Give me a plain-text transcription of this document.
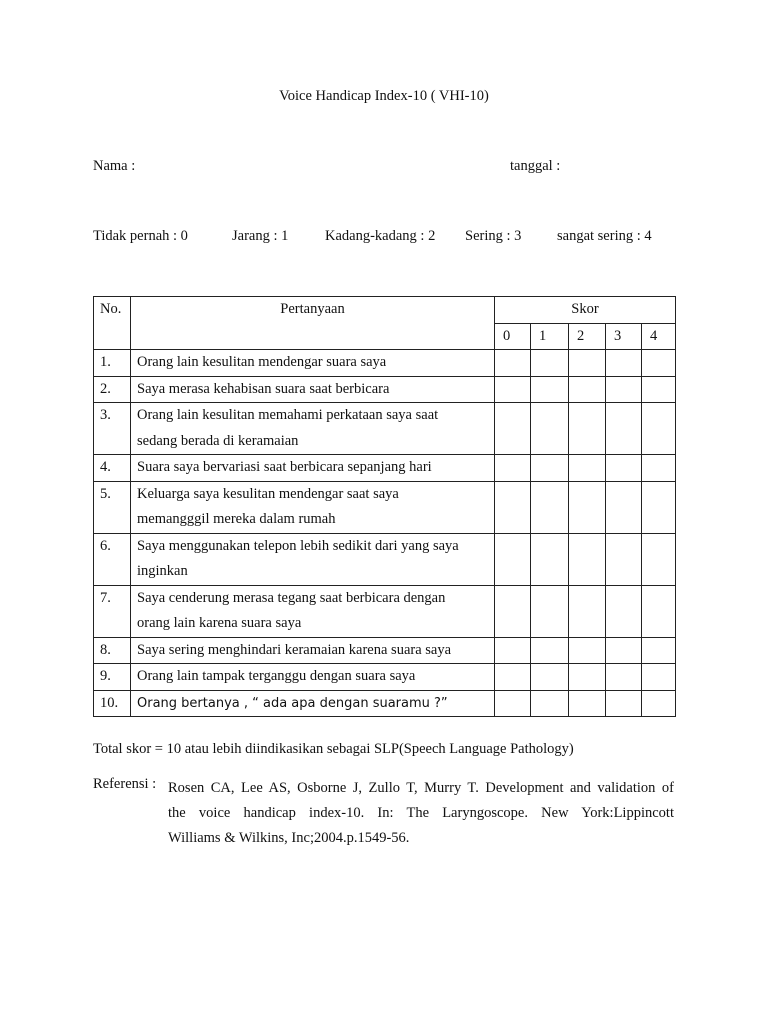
Voice Handicap Index-10 ( VHI-10)
Nama :	tanggal :
Tidak pernah : 0	Jarang : 1	Kadang-kadang : 2 Sering : 3 sangat sering : 4
No.	Pertanyaan	Skor				
		0	1	2	3	4
1.	Orang lain kesulitan mendengar suara saya					

2.	Saya merasa kehabisan suara saat berbicara					

3.	Orang lain kesulitan memahami perkataan saya saat
sedang berada di keramaian					

4.	Suara saya bervariasi saat berbicara sepanjang hari					

5.	Keluarga saya kesulitan mendengar saat saya
memangggil mereka dalam rumah					

6.	Saya menggunakan telepon lebih sedikit dari yang saya
inginkan					

7.	Saya cenderung merasa tegang saat berbicara dengan
orang lain karena suara saya					

8.	Saya sering menghindari keramaian karena suara saya					

9.	Orang lain tampak terganggu dengan suara saya					

10.	Orang bertanya , “ ada apa dengan suaramu ?”					

Total skor = 10 atau lebih diindikasikan sebagai SLP(Speech Language Pathology)
Referensi : Rosen CA, Lee AS, Osborne J, Zullo T, Murry T. Development and validation of
the voice handicap index-10. In: The Laryngoscope. New York:Lippincott
Williams & Wilkins, Inc;2004.p.1549-56.
